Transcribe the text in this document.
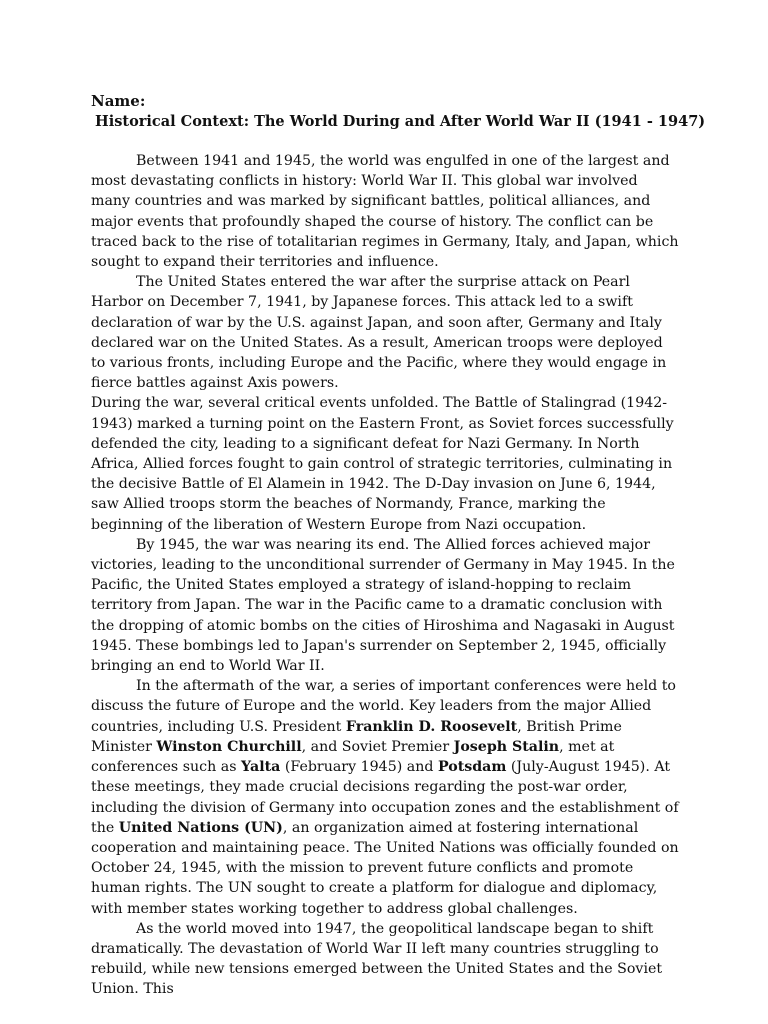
Name:
Historical Context: The World During and After World War II (1941 - 1947)

Between 1941 and 1945, the world was engulfed in one of the largest and most devastating conflicts in history: World War II. This global war involved many countries and was marked by significant battles, political alliances, and major events that profoundly shaped the course of history. The conflict can be traced back to the rise of totalitarian regimes in Germany, Italy, and Japan, which sought to expand their territories and influence.

The United States entered the war after the surprise attack on Pearl Harbor on December 7, 1941, by Japanese forces. This attack led to a swift declaration of war by the U.S. against Japan, and soon after, Germany and Italy declared war on the United States. As a result, American troops were deployed to various fronts, including Europe and the Pacific, where they would engage in fierce battles against Axis powers.

During the war, several critical events unfolded. The Battle of Stalingrad (1942-1943) marked a turning point on the Eastern Front, as Soviet forces successfully defended the city, leading to a significant defeat for Nazi Germany. In North Africa, Allied forces fought to gain control of strategic territories, culminating in the decisive Battle of El Alamein in 1942. The D-Day invasion on June 6, 1944, saw Allied troops storm the beaches of Normandy, France, marking the beginning of the liberation of Western Europe from Nazi occupation.

By 1945, the war was nearing its end. The Allied forces achieved major victories, leading to the unconditional surrender of Germany in May 1945. In the Pacific, the United States employed a strategy of island-hopping to reclaim territory from Japan. The war in the Pacific came to a dramatic conclusion with the dropping of atomic bombs on the cities of Hiroshima and Nagasaki in August 1945. These bombings led to Japan's surrender on September 2, 1945, officially bringing an end to World War II.

In the aftermath of the war, a series of important conferences were held to discuss the future of Europe and the world. Key leaders from the major Allied countries, including U.S. President Franklin D. Roosevelt, British Prime Minister Winston Churchill, and Soviet Premier Joseph Stalin, met at conferences such as Yalta (February 1945) and Potsdam (July-August 1945). At these meetings, they made crucial decisions regarding the post-war order, including the division of Germany into occupation zones and the establishment of the United Nations (UN), an organization aimed at fostering international cooperation and maintaining peace. The United Nations was officially founded on October 24, 1945, with the mission to prevent future conflicts and promote human rights. The UN sought to create a platform for dialogue and diplomacy, with member states working together to address global challenges.

As the world moved into 1947, the geopolitical landscape began to shift dramatically. The devastation of World War II left many countries struggling to rebuild, while new tensions emerged between the United States and the Soviet Union. This
